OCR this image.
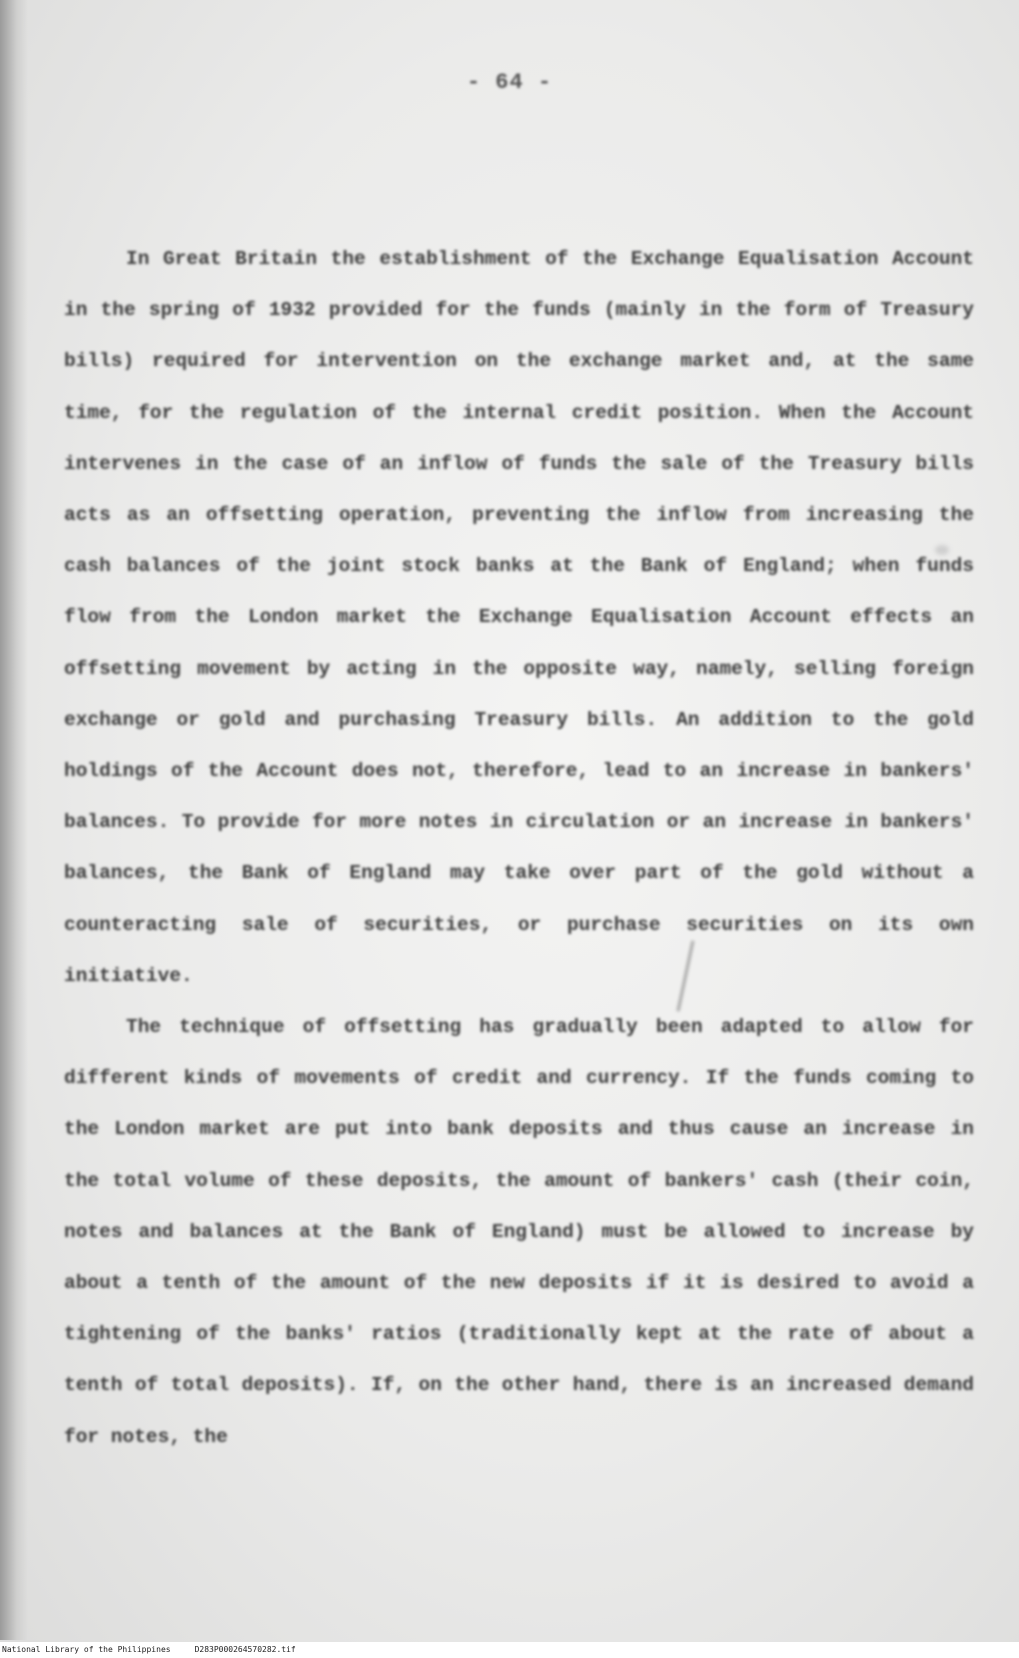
- 64 -

In Great Britain the establishment of the Exchange Equalisation Account in the spring of 1932 provided for the funds (mainly in the form of Treasury bills) required for intervention on the exchange market and, at the same time, for the regulation of the internal credit position. When the Account intervenes in the case of an inflow of funds the sale of the Treasury bills acts as an offsetting operation, preventing the inflow from increasing the cash balances of the joint stock banks at the Bank of England; when funds flow from the London market the Exchange Equalisation Account effects an offsetting movement by acting in the opposite way, namely, selling foreign exchange or gold and purchasing Treasury bills. An addition to the gold holdings of the Account does not, therefore, lead to an increase in bankers' balances. To provide for more notes in circulation or an increase in bankers' balances, the Bank of England may take over part of the gold without a counteracting sale of securities, or purchase securities on its own initiative.

The technique of offsetting has gradually been adapted to allow for different kinds of movements of credit and currency. If the funds coming to the London market are put into bank deposits and thus cause an increase in the total volume of these deposits, the amount of bankers' cash (their coin, notes and balances at the Bank of England) must be allowed to increase by about a tenth of the amount of the new deposits if it is desired to avoid a tightening of the banks' ratios (traditionally kept at the rate of about a tenth of total deposits). If, on the other hand, there is an increased demand for notes, the

National Library of the Philippines	D283P000264570282.tif
